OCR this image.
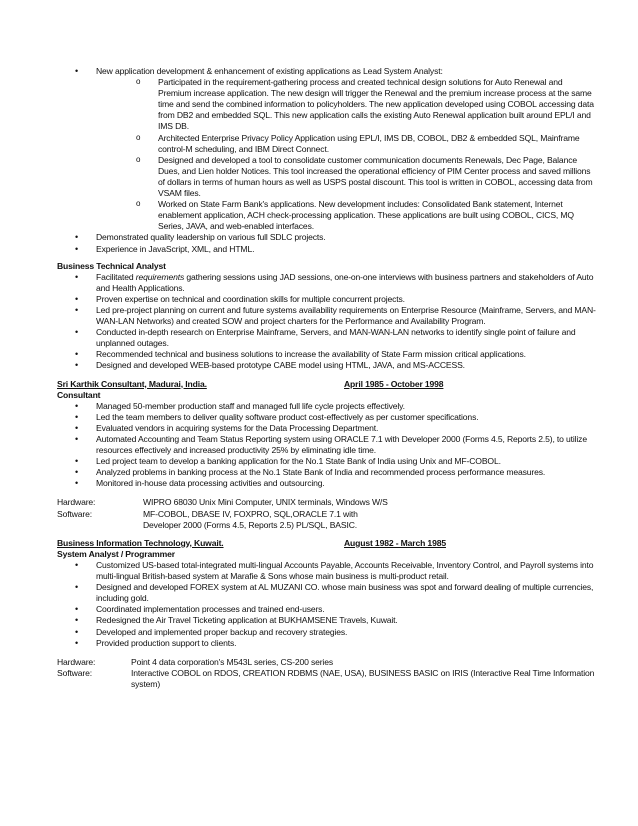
• New application development & enhancement of existing applications as Lead System Analyst:
o Participated in the requirement-gathering process and created technical design solutions for Auto Renewal and Premium increase application. The new design will trigger the Renewal and the premium increase process at the same time and send the combined information to policyholders. The new application developed using COBOL accessing data from DB2 and embedded SQL. This new application calls the existing Auto Renewal application built around EPL/I and IMS DB.
o Architected Enterprise Privacy Policy Application using EPL/I, IMS DB, COBOL, DB2 & embedded SQL, Mainframe control-M scheduling, and IBM Direct Connect.
o Designed and developed a tool to consolidate customer communication documents Renewals, Dec Page, Balance Dues, and Lien holder Notices. This tool increased the operational efficiency of PIM Center process and saved millions of dollars in terms of human hours as well as USPS postal discount. This tool is written in COBOL, accessing data from VSAM files.
o Worked on State Farm Bank's applications. New development includes: Consolidated Bank statement, Internet enablement application, ACH check-processing application. These applications are built using COBOL, CICS, MQ Series, JAVA, and web-enabled interfaces.
• Demonstrated quality leadership on various full SDLC projects.
• Experience in JavaScript, XML, and HTML.
Business Technical Analyst
• Facilitated requirements gathering sessions using JAD sessions, one-on-one interviews with business partners and stakeholders of Auto and Health Applications.
• Proven expertise on technical and coordination skills for multiple concurrent projects.
• Led pre-project planning on current and future systems availability requirements on Enterprise Resource (Mainframe, Servers, and MAN-WAN-LAN Networks) and created SOW and project charters for the Performance and Availability Program.
• Conducted in-depth research on Enterprise Mainframe, Servers, and MAN-WAN-LAN networks to identify single point of failure and unplanned outages.
• Recommended technical and business solutions to increase the availability of State Farm mission critical applications.
• Designed and developed WEB-based prototype CABE model using HTML, JAVA, and MS-ACCESS.
Sri Karthik Consultant, Madurai, India.	April 1985 - October 1998
Consultant
• Managed 50-member production staff and managed full life cycle projects effectively.
• Led the team members to deliver quality software product cost-effectively as per customer specifications.
• Evaluated vendors in acquiring systems for the Data Processing Department.
• Automated Accounting and Team Status Reporting system using ORACLE 7.1 with Developer 2000 (Forms 4.5, Reports 2.5), to utilize resources effectively and increased productivity 25% by eliminating idle time.
• Led project team to develop a banking application for the No.1 State Bank of India using Unix and MF-COBOL.
• Analyzed problems in banking process at the No.1 State Bank of India and recommended process performance measures.
• Monitored in-house data processing activities and outsourcing.
Hardware:	WIPRO 68030 Unix Mini Computer, UNIX terminals, Windows W/S
Software:	MF-COBOL, DBASE IV, FOXPRO, SQL,ORACLE 7.1 with
Developer 2000 (Forms 4.5, Reports 2.5) PL/SQL, BASIC.
Business Information Technology, Kuwait.	August 1982 - March 1985
System Analyst / Programmer
• Customized US-based total-integrated multi-lingual Accounts Payable, Accounts Receivable, Inventory Control, and Payroll systems into multi-lingual British-based system at Marafie & Sons whose main business is multi-product retail.
• Designed and developed FOREX system at AL MUZANI CO. whose main business was spot and forward dealing of multiple currencies, including gold.
• Coordinated implementation processes and trained end-users.
• Redesigned the Air Travel Ticketing application at BUKHAMSENE Travels, Kuwait.
• Developed and implemented proper backup and recovery strategies.
• Provided production support to clients.
Hardware:	Point 4 data corporation's M543L series, CS-200 series
Software:	Interactive COBOL on RDOS, CREATION RDBMS (NAE, USA), BUSINESS BASIC on IRIS (Interactive Real Time Information system)
